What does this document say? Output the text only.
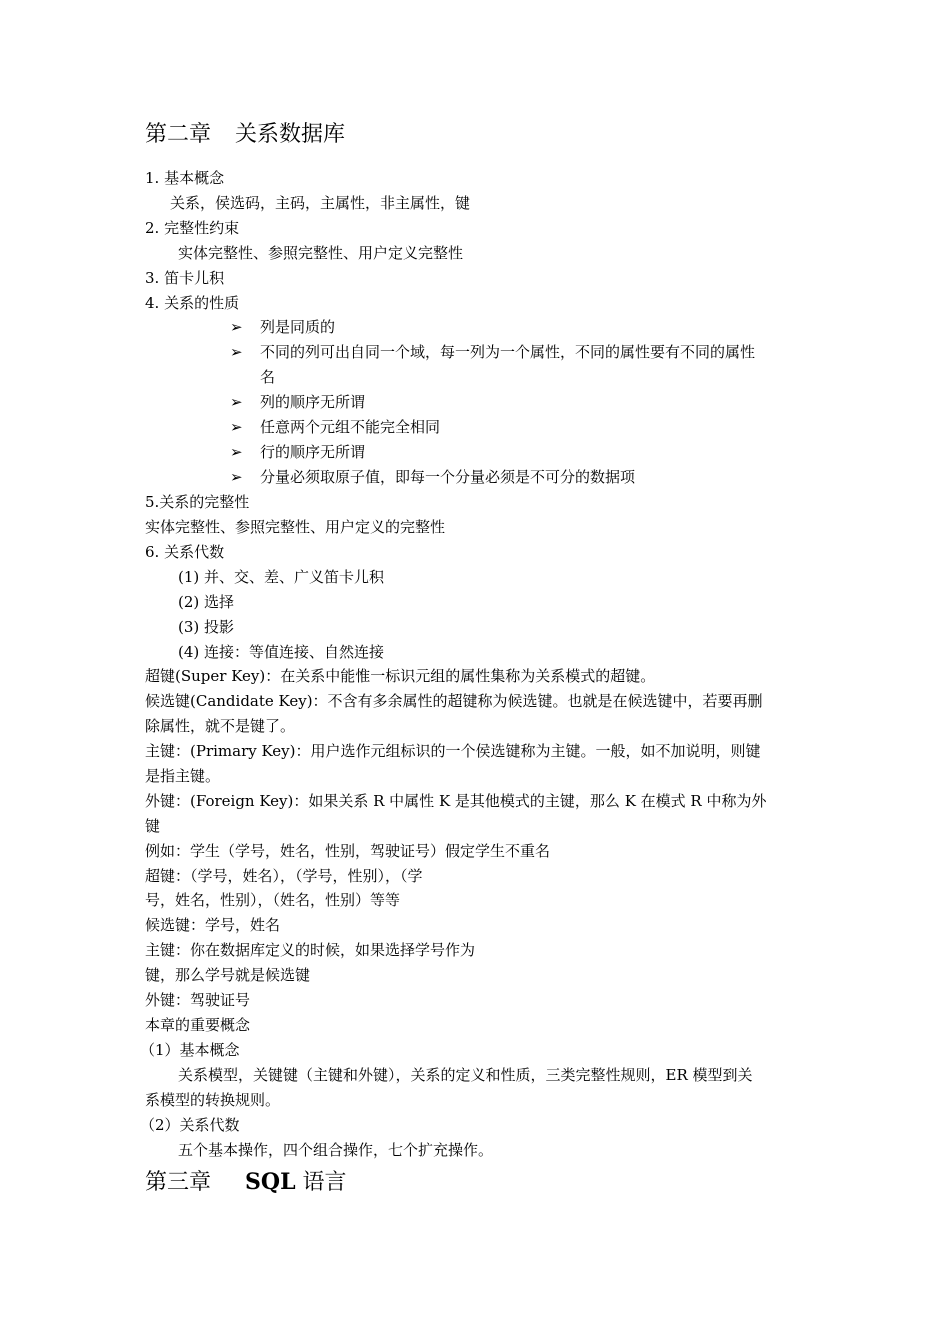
第二章 关系数据库
1. 基本概念
关系，侯选码，主码，主属性，非主属性，键
2. 完整性约束
实体完整性、参照完整性、用户定义完整性
3. 笛卡儿积
4. 关系的性质
➢ 列是同质的
➢ 不同的列可出自同一个域，每一列为一个属性，不同的属性要有不同的属性
名
➢ 列的顺序无所谓
➢ 任意两个元组不能完全相同
➢ 行的顺序无所谓
➢ 分量必须取原子值，即每一个分量必须是不可分的数据项
5.关系的完整性
实体完整性、参照完整性、用户定义的完整性
6. 关系代数
(1) 并、交、差、广义笛卡儿积
(2) 选择
(3) 投影
(4) 连接：等值连接、自然连接
超键(Super Key)：在关系中能惟一标识元组的属性集称为关系模式的超键。
候选键(Candidate Key)：不含有多余属性的超键称为候选键。也就是在候选键中，若要再删
除属性，就不是键了。
主键：(Primary Key)：用户选作元组标识的一个侯选键称为主键。一般，如不加说明，则键
是指主键。
外键：(Foreign Key)：如果关系 R 中属性 K 是其他模式的主键，那么 K 在模式 R 中称为外
键
例如：学生（学号，姓名，性别，驾驶证号）假定学生不重名
超键：（学号，姓名），（学号，性别），（学
号，姓名，性别），（姓名，性别）等等
候选键：学号，姓名
主键：你在数据库定义的时候，如果选择学号作为
键，那么学号就是候选键
外键：驾驶证号
本章的重要概念
（1）基本概念
关系模型，关键键（主键和外键），关系的定义和性质，三类完整性规则，ER 模型到关
系模型的转换规则。
（2）关系代数
五个基本操作，四个组合操作，七个扩充操作。
第三章 SQL 语言
